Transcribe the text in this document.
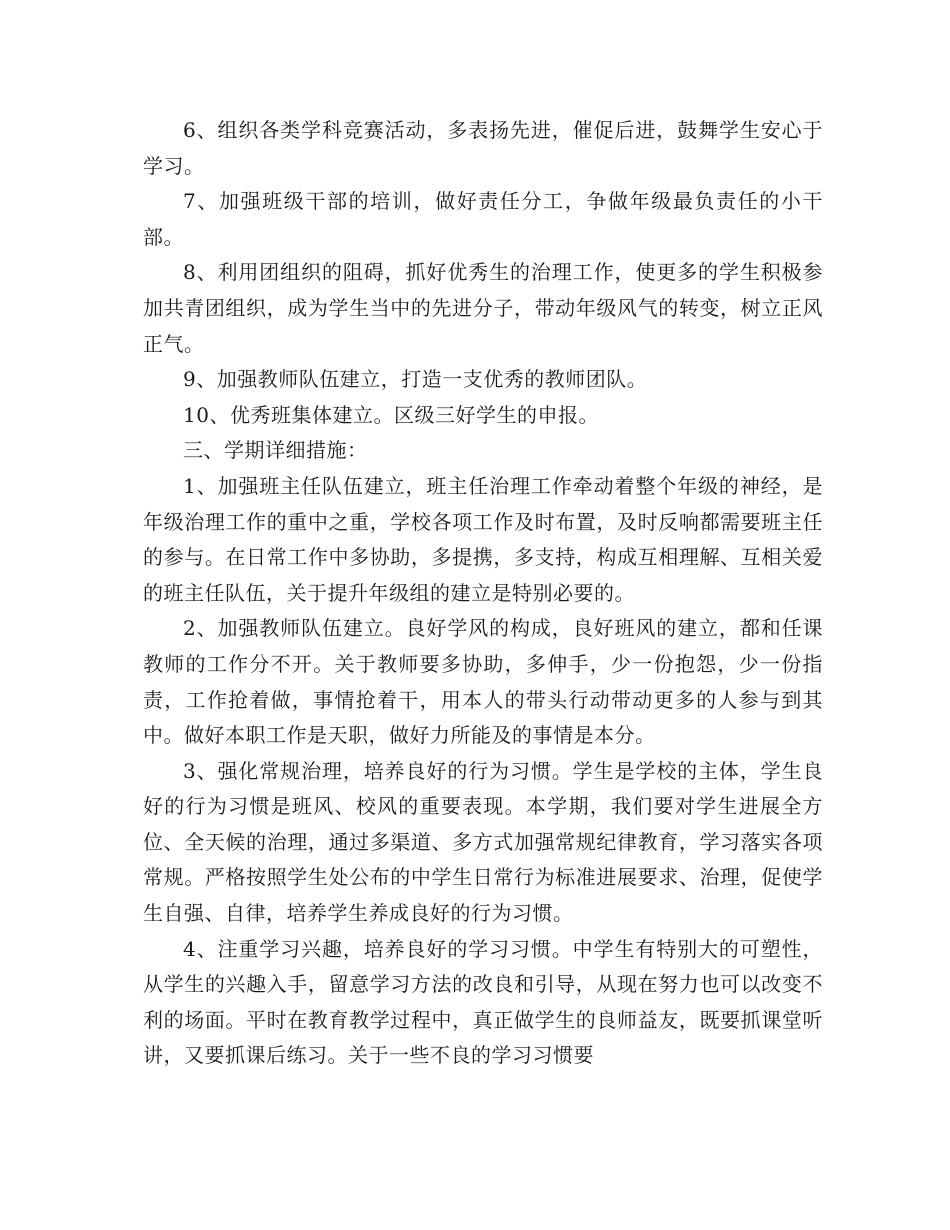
6、组织各类学科竞赛活动，多表扬先进，催促后进，鼓舞学生安心于学习。

7、加强班级干部的培训，做好责任分工，争做年级最负责任的小干部。

8、利用团组织的阻碍，抓好优秀生的治理工作，使更多的学生积极参加共青团组织，成为学生当中的先进分子，带动年级风气的转变，树立正风正气。

9、加强教师队伍建立，打造一支优秀的教师团队。

10、优秀班集体建立。区级三好学生的申报。

三、学期详细措施：

1、加强班主任队伍建立，班主任治理工作牵动着整个年级的神经，是年级治理工作的重中之重，学校各项工作及时布置，及时反响都需要班主任的参与。在日常工作中多协助，多提携，多支持，构成互相理解、互相关爱的班主任队伍，关于提升年级组的建立是特别必要的。

2、加强教师队伍建立。良好学风的构成，良好班风的建立，都和任课教师的工作分不开。关于教师要多协助，多伸手，少一份抱怨，少一份指责，工作抢着做，事情抢着干，用本人的带头行动带动更多的人参与到其中。做好本职工作是天职，做好力所能及的事情是本分。

3、强化常规治理，培养良好的行为习惯。学生是学校的主体，学生良好的行为习惯是班风、校风的重要表现。本学期，我们要对学生进展全方位、全天候的治理，通过多渠道、多方式加强常规纪律教育，学习落实各项常规。严格按照学生处公布的中学生日常行为标准进展要求、治理，促使学生自强、自律，培养学生养成良好的行为习惯。

4、注重学习兴趣，培养良好的学习习惯。中学生有特别大的可塑性，从学生的兴趣入手，留意学习方法的改良和引导，从现在努力也可以改变不利的场面。平时在教育教学过程中，真正做学生的良师益友，既要抓课堂听讲，又要抓课后练习。关于一些不良的学习习惯要
